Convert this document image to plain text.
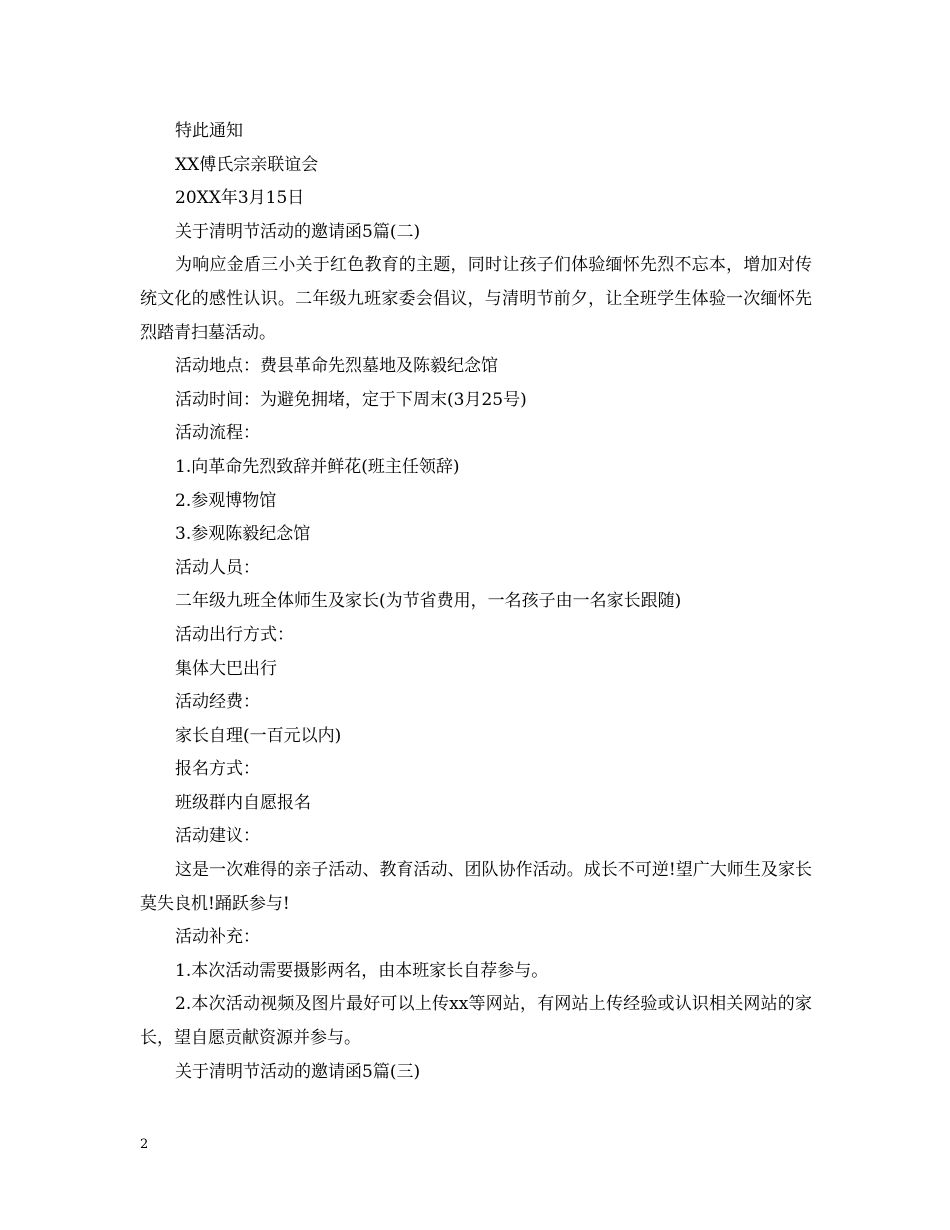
特此通知
XX傅氏宗亲联谊会
20XX年3月15日
关于清明节活动的邀请函5篇(二)
为响应金盾三小关于红色教育的主题，同时让孩子们体验缅怀先烈不忘本，增加对传统文化的感性认识。二年级九班家委会倡议，与清明节前夕，让全班学生体验一次缅怀先烈踏青扫墓活动。
活动地点：费县革命先烈墓地及陈毅纪念馆
活动时间：为避免拥堵，定于下周末(3月25号)
活动流程：
1.向革命先烈致辞并鲜花(班主任领辞)
2.参观博物馆
3.参观陈毅纪念馆
活动人员：
二年级九班全体师生及家长(为节省费用，一名孩子由一名家长跟随)
活动出行方式：
集体大巴出行
活动经费：
家长自理(一百元以内)
报名方式：
班级群内自愿报名
活动建议：
这是一次难得的亲子活动、教育活动、团队协作活动。成长不可逆!望广大师生及家长莫失良机!踊跃参与!
活动补充：
1.本次活动需要摄影两名，由本班家长自荐参与。
2.本次活动视频及图片最好可以上传xx等网站，有网站上传经验或认识相关网站的家长，望自愿贡献资源并参与。
关于清明节活动的邀请函5篇(三)
2
